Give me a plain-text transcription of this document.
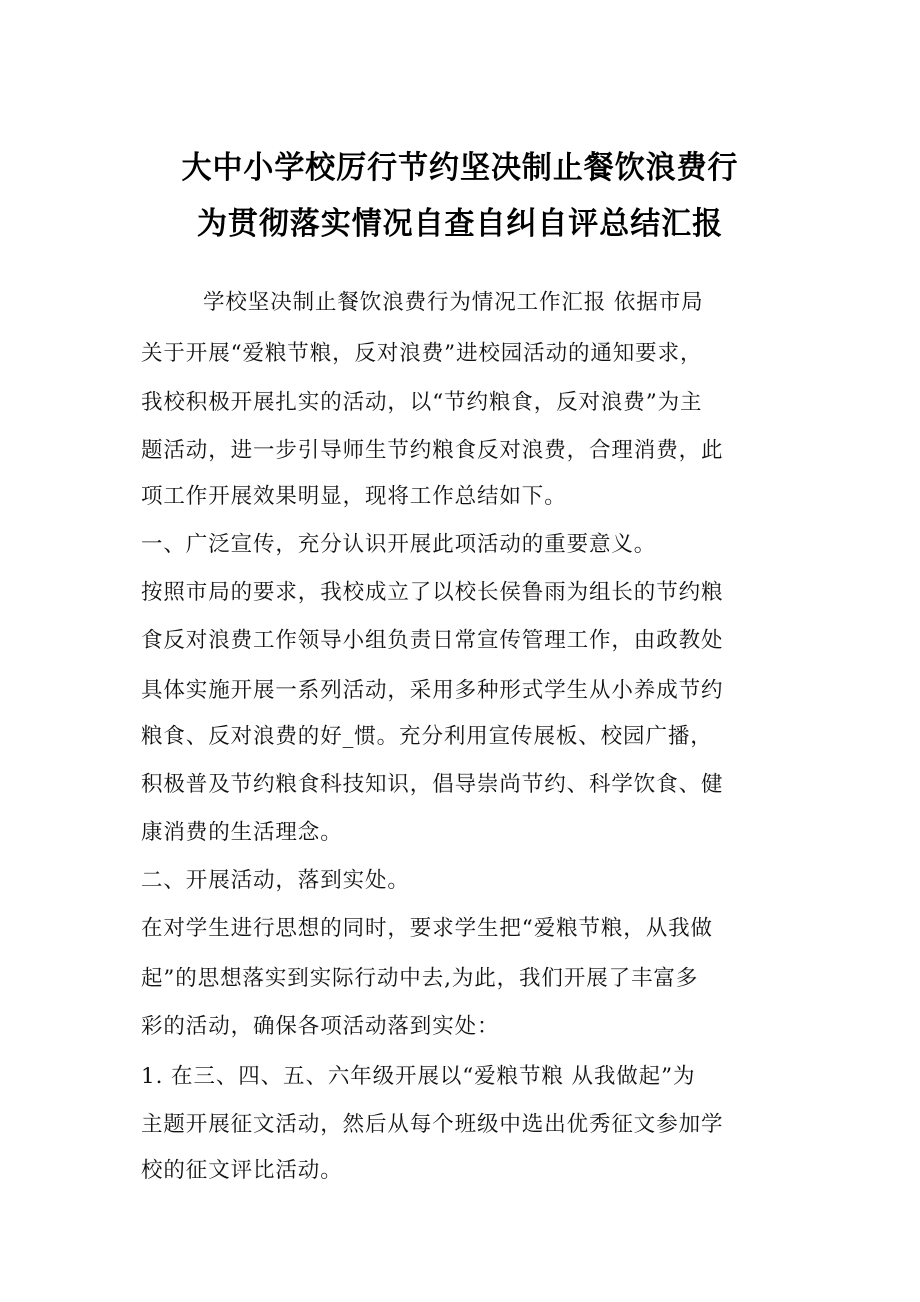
大中小学校厉行节约坚决制止餐饮浪费行
为贯彻落实情况自查自纠自评总结汇报
学校坚决制止餐饮浪费行为情况工作汇报 依据市局
关于开展“爱粮节粮，反对浪费”进校园活动的通知要求，
我校积极开展扎实的活动，以“节约粮食，反对浪费”为主
题活动，进一步引导师生节约粮食反对浪费，合理消费，此
项工作开展效果明显，现将工作总结如下。
一、广泛宣传，充分认识开展此项活动的重要意义。
按照市局的要求，我校成立了以校长侯鲁雨为组长的节约粮
食反对浪费工作领导小组负责日常宣传管理工作，由政教处
具体实施开展一系列活动，采用多种形式学生从小养成节约
粮食、反对浪费的好_惯。充分利用宣传展板、校园广播，
积极普及节约粮食科技知识，倡导崇尚节约、科学饮食、健
康消费的生活理念。
二、开展活动，落到实处。
在对学生进行思想的同时，要求学生把“爱粮节粮，从我做
起”的思想落实到实际行动中去,为此，我们开展了丰富多
彩的活动，确保各项活动落到实处：
1. 在三、四、五、六年级开展以“爱粮节粮 从我做起”为
主题开展征文活动，然后从每个班级中选出优秀征文参加学
校的征文评比活动。
